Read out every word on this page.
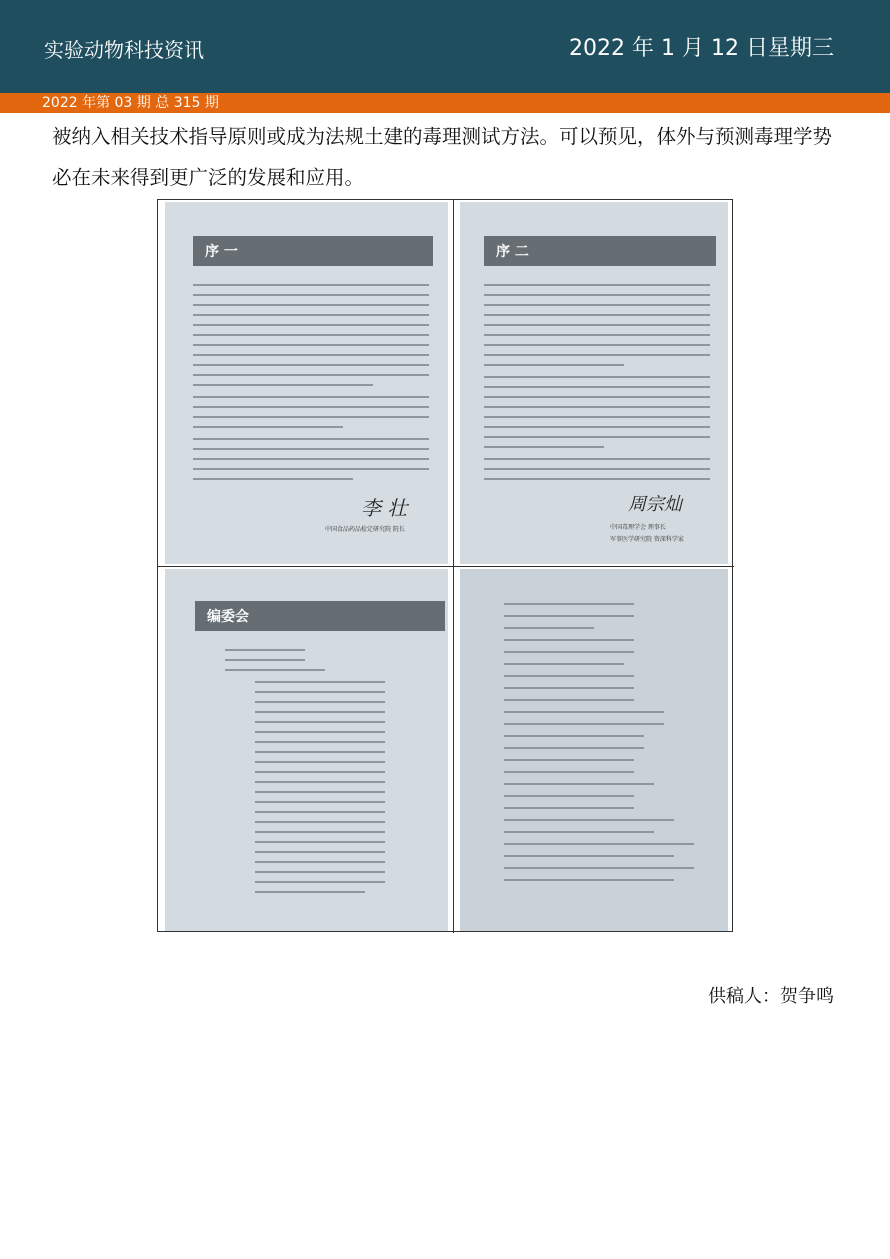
实验动物科技资讯	2022 年 1 月 12 日星期三
2022 年第 03 期 总 315 期
被纳入相关技术指导原则或成为法规土建的毒理测试方法。可以预见，体外与预测毒理学势必在未来得到更广泛的发展和应用。
序 一
李 壮
中国食品药品检定研究院 院长
序 二
周宗灿
中国毒理学会 理事长
军事医学研究院 资深科学家
编委会
供稿人：贺争鸣
